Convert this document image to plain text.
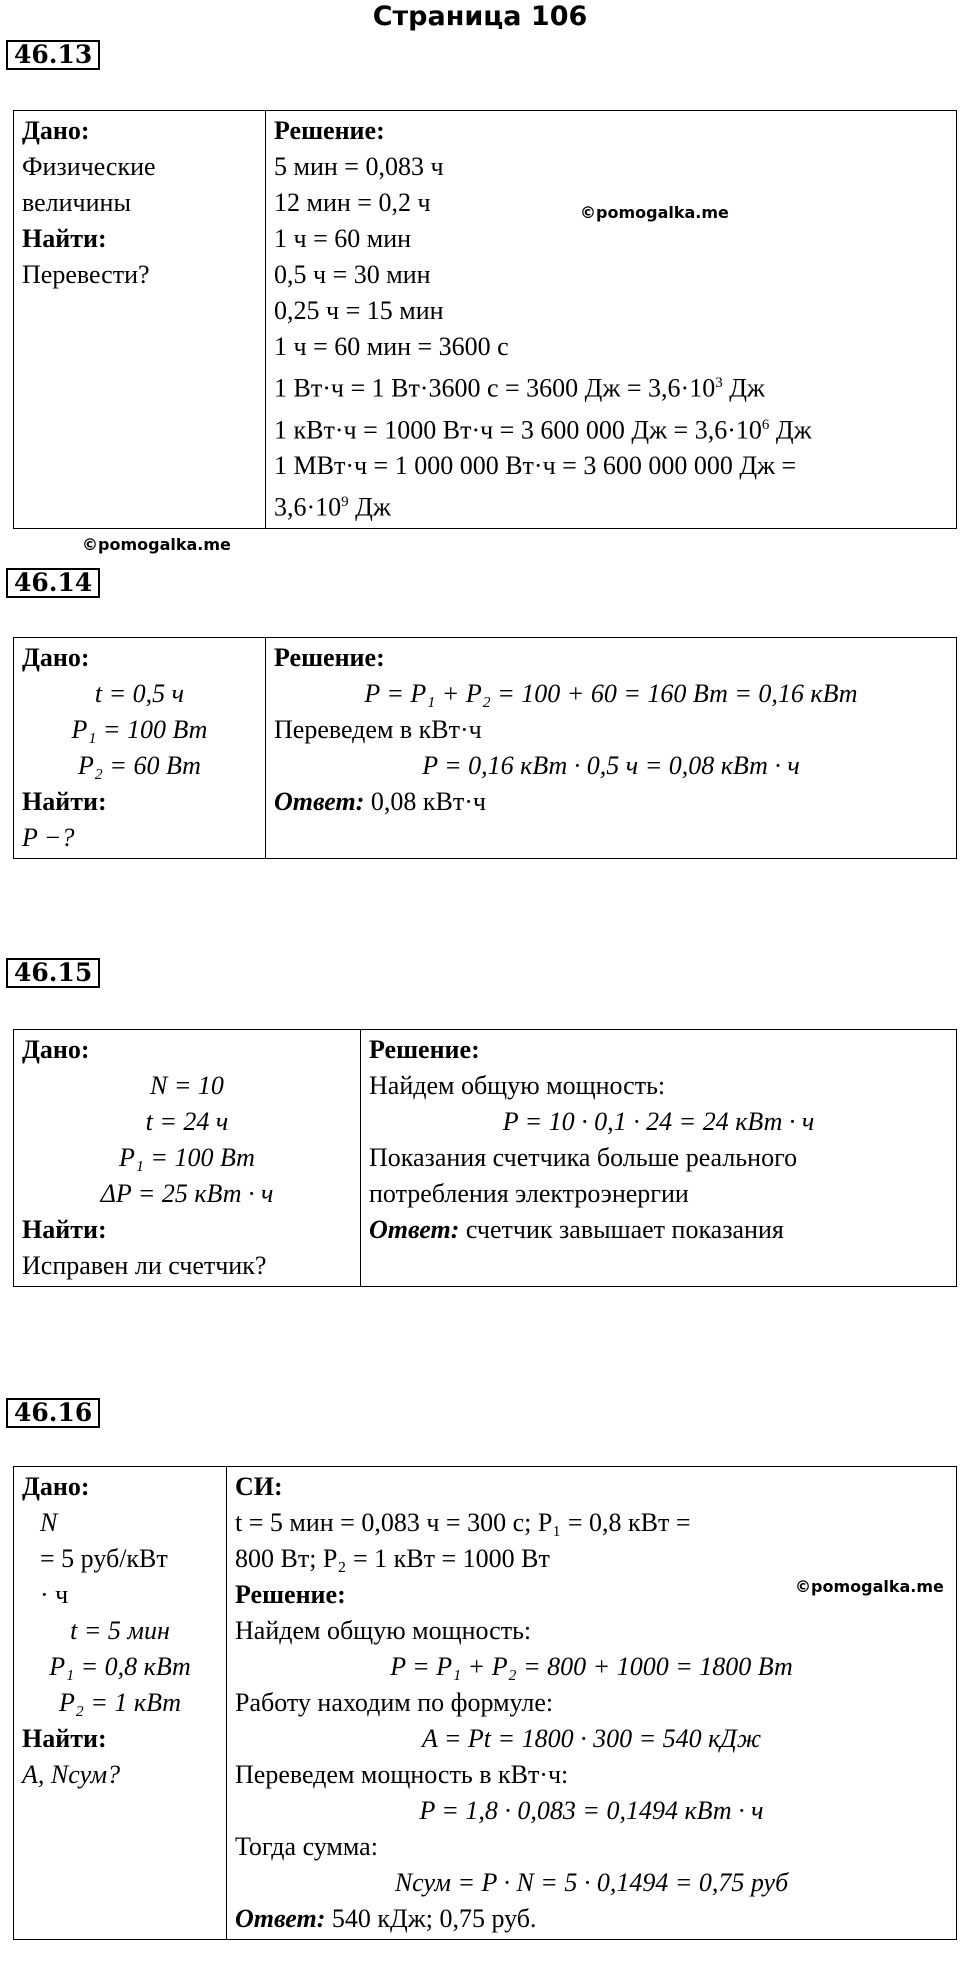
Страница 106
46.13
Дано:
Физические
величины
Найти:
Перевести?

Решение:
5 мин = 0,083 ч
12 мин = 0,2 ч
1 ч = 60 мин
0,5 ч = 30 мин
0,25 ч = 15 мин
1 ч = 60 мин = 3600 с
1 Вт·ч = 1 Вт·3600 с = 3600 Дж = $3,6\cdot 10^3$ Дж
1 кВт·ч = 1000 Вт·ч = 3 600 000 Дж = $3,6\cdot 10^6$ Дж
1 МВт·ч = 1 000 000 Вт·ч = 3 600 000 000 Дж =
$3,6\cdot 10^9$ Дж
©pomogalka.me
©pomogalka.me
46.14
Дано:
t = 0,5 ч
P₁ = 100 Вт
P₂ = 60 Вт
Найти:
P −?

Решение:
P = P₁ + P₂ = 100 + 60 = 160 Вт = 0,16 кВт
Переведем в кВт·ч
P = 0,16 кВт · 0,5 ч = 0,08 кВт · ч
Ответ: 0,08 кВт·ч
46.15
Дано:
N = 10
t = 24 ч
P₁ = 100 Вт
ΔP = 25 кВт · ч
Найти:
Исправен ли счетчик?

Решение:
Найдем общую мощность:
P = 10 · 0,1 · 24 = 24 кВт · ч
Показания счетчика больше реального
потребления электроэнергии
Ответ: счетчик завышает показания
46.16
Дано:
N
= 5 руб/кВт
· ч
t = 5 мин
P₁ = 0,8 кВт
P₂ = 1 кВт
Найти:
A, Nсум?

СИ:
t = 5 мин = 0,083 ч = 300 с; P₁ = 0,8 кВт =
800 Вт; P₂ = 1 кВт = 1000 Вт
Решение:
Найдем общую мощность:
P = P₁ + P₂ = 800 + 1000 = 1800 Вт
Работу находим по формуле:
A = Pt = 1800 · 300 = 540 кДж
Переведем мощность в кВт·ч:
P = 1,8 · 0,083 = 0,1494 кВт · ч
Тогда сумма:
Nсум = P · N = 5 · 0,1494 = 0,75 руб
Ответ: 540 кДж; 0,75 руб.
©pomogalka.me
